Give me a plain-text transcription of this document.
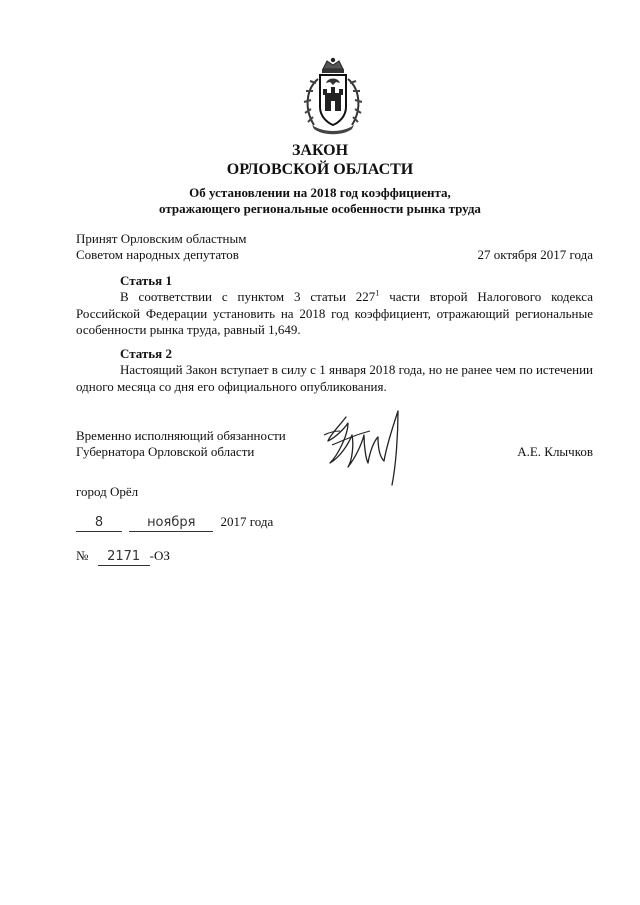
ЗАКОН
ОРЛОВСКОЙ ОБЛАСТИ
Об установлении на 2018 год коэффициента,
отражающего региональные особенности рынка труда
Принят Орловским областным
Советом народных депутатов	27 октября 2017 года
Статья 1
В соответствии с пунктом 3 статьи $227^1$ части второй Налогового кодекса Российской Федерации установить на 2018 год коэффициент, отражающий региональные особенности рынка труда, равный 1,649.
Статья 2
Настоящий Закон вступает в силу с 1 января 2018 года, но не ранее чем по истечении одного месяца со дня его официального опубликования.
Временно исполняющий обязанности
Губернатора Орловской области	А.Е. Клычков
город Орёл
8	ноября 2017 года
№ 2171 -ОЗ
